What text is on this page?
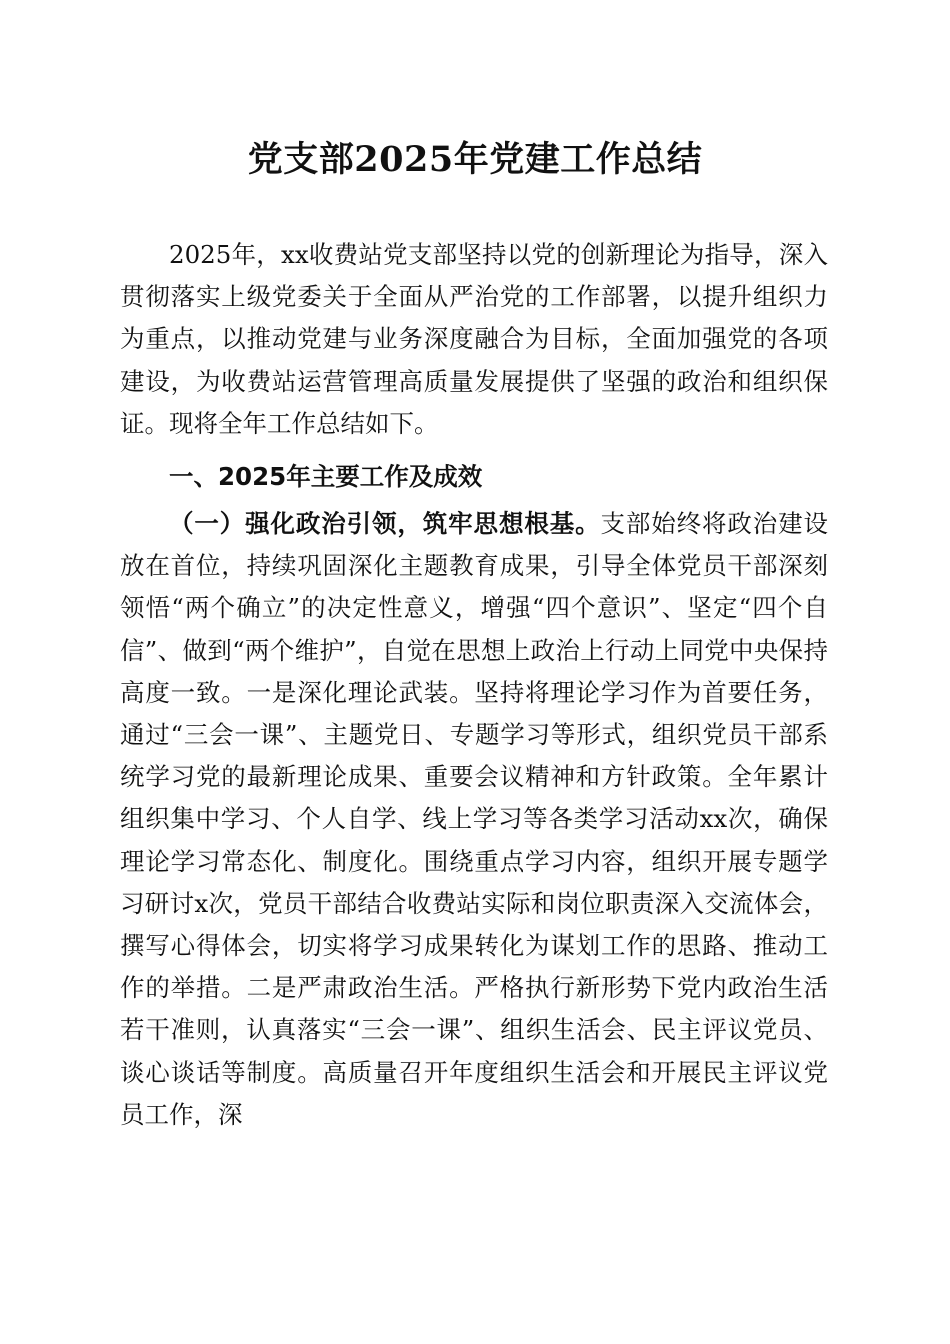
党支部2025年党建工作总结

2025年，xx收费站党支部坚持以党的创新理论为指导，深入贯彻落实上级党委关于全面从严治党的工作部署，以提升组织力为重点，以推动党建与业务深度融合为目标，全面加强党的各项建设，为收费站运营管理高质量发展提供了坚强的政治和组织保证。现将全年工作总结如下。

一、2025年主要工作及成效

（一）强化政治引领，筑牢思想根基。支部始终将政治建设放在首位，持续巩固深化主题教育成果，引导全体党员干部深刻领悟“两个确立”的决定性意义，增强“四个意识”、坚定“四个自信”、做到“两个维护”，自觉在思想上政治上行动上同党中央保持高度一致。一是深化理论武装。坚持将理论学习作为首要任务，通过“三会一课”、主题党日、专题学习等形式，组织党员干部系统学习党的最新理论成果、重要会议精神和方针政策。全年累计组织集中学习、个人自学、线上学习等各类学习活动xx次，确保理论学习常态化、制度化。围绕重点学习内容，组织开展专题学习研讨x次，党员干部结合收费站实际和岗位职责深入交流体会，撰写心得体会，切实将学习成果转化为谋划工作的思路、推动工作的举措。二是严肃政治生活。严格执行新形势下党内政治生活若干准则，认真落实“三会一课”、组织生活会、民主评议党员、谈心谈话等制度。高质量召开年度组织生活会和开展民主评议党员工作，深
